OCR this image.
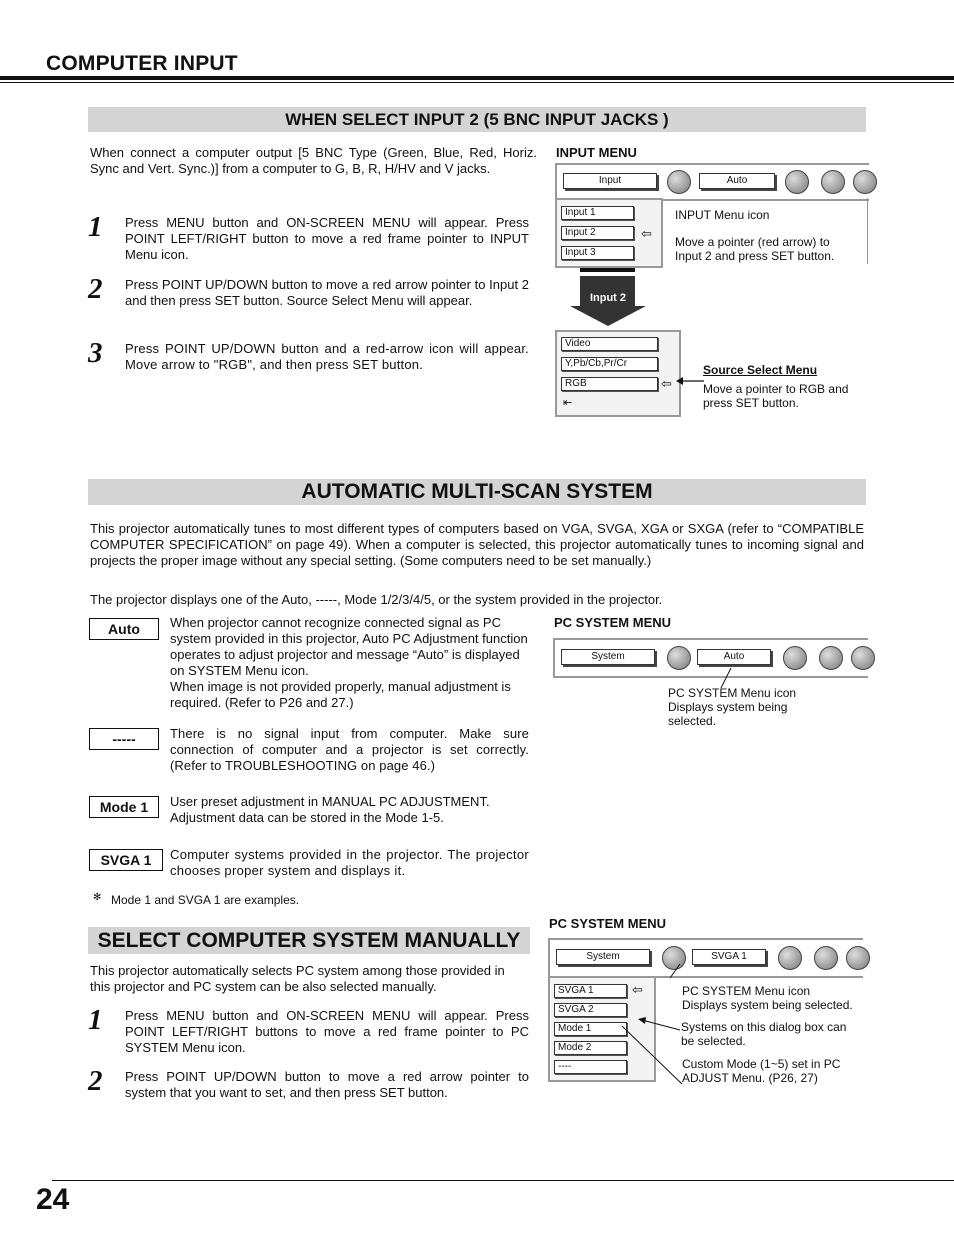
COMPUTER INPUT
WHEN SELECT INPUT 2 (5 BNC INPUT JACKS )
When connect a computer output [5 BNC Type (Green, Blue, Red, Horiz. Sync and Vert. Sync.)] from a computer to G, B, R, H/HV and V jacks.
1 Press MENU button and ON-SCREEN MENU will appear. Press POINT LEFT/RIGHT button to move a red frame pointer to INPUT Menu icon.
2 Press POINT UP/DOWN button to move a red arrow pointer to Input 2 and then press SET button. Source Select Menu will appear.
3 Press POINT UP/DOWN button and a red-arrow icon will appear. Move arrow to "RGB", and then press SET button.
INPUT MENU
Input	Auto
Input 1
Input 2
Input 3
⇦
INPUT Menu icon
Move a pointer (red arrow) to Input 2 and press SET button.
Input 2
Video
Y,Pb/Cb,Pr/Cr
RGB	⇦
⇤
Source Select Menu
Move a pointer to RGB and press SET button.
AUTOMATIC MULTI-SCAN SYSTEM
This projector automatically tunes to most different types of computers based on VGA, SVGA, XGA or SXGA (refer to “COMPATIBLE COMPUTER SPECIFICATION” on page 49). When a computer is selected, this projector automatically tunes to incoming signal and projects the proper image without any special setting. (Some computers need to be set manually.)
The projector displays one of the Auto, -----, Mode 1/2/3/4/5, or the system provided in the projector.
Auto	When projector cannot recognize connected signal as PC system provided in this projector, Auto PC Adjustment function operates to adjust projector and message “Auto” is displayed on SYSTEM Menu icon.
When image is not provided properly, manual adjustment is required. (Refer to P26 and 27.)
-----	There is no signal input from computer. Make sure connection of computer and a projector is set correctly. (Refer to TROUBLESHOOTING on page 46.)
Mode 1	User preset adjustment in MANUAL PC ADJUSTMENT. Adjustment data can be stored in the Mode 1-5.
SVGA 1	Computer systems provided in the projector. The projector chooses proper system and displays it.
✻ Mode 1 and SVGA 1 are examples.
PC SYSTEM MENU
System	Auto
PC SYSTEM Menu icon
Displays system being selected.
SELECT COMPUTER SYSTEM MANUALLY
This projector automatically selects PC system among those provided in this projector and PC system can be also selected manually.
1 Press MENU button and ON-SCREEN MENU will appear. Press POINT LEFT/RIGHT buttons to move a red frame pointer to PC SYSTEM Menu icon.
2 Press POINT UP/DOWN button to move a red arrow pointer to system that you want to set, and then press SET button.
PC SYSTEM MENU
System	SVGA 1
SVGA 1
SVGA 2
Mode 1
Mode 2
----
⇦	PC SYSTEM Menu icon
Displays system being selected.
Systems on this dialog box can be selected.
Custom Mode (1~5) set in PC ADJUST Menu. (P26, 27)
24
